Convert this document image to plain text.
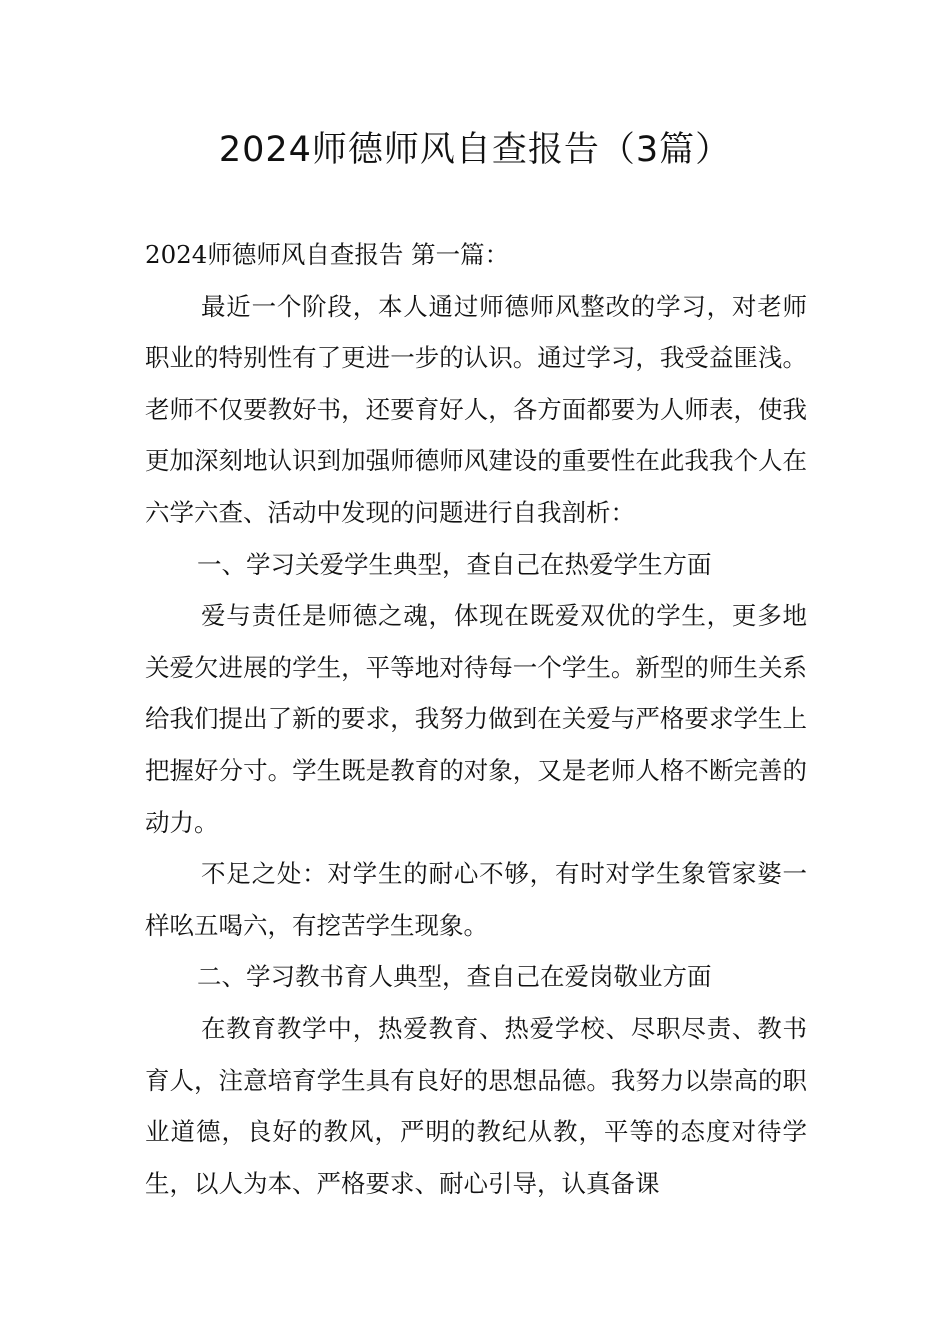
2024师德师风自查报告（3篇）

2024师德师风自查报告 第一篇：

最近一个阶段，本人通过师德师风整改的学习，对老师职业的特别性有了更进一步的认识。通过学习，我受益匪浅。老师不仅要教好书，还要育好人，各方面都要为人师表，使我更加深刻地认识到加强师德师风建设的重要性在此我我个人在 六学六查、活动中发现的问题进行自我剖析：

一、学习关爱学生典型，查自己在热爱学生方面

爱与责任是师德之魂，体现在既爱双优的学生，更多地关爱欠进展的学生，平等地对待每一个学生。新型的师生关系给我们提出了新的要求，我努力做到在关爱与严格要求学生上把握好分寸。学生既是教育的对象，又是老师人格不断完善的动力。

不足之处：对学生的耐心不够，有时对学生象管家婆一样吆五喝六，有挖苦学生现象。

二、学习教书育人典型，查自己在爱岗敬业方面

在教育教学中，热爱教育、热爱学校、尽职尽责、教书育人，注意培育学生具有良好的思想品德。我努力以崇高的职业道德，良好的教风，严明的教纪从教，平等的态度对待学生，以人为本、严格要求、耐心引导，认真备课
